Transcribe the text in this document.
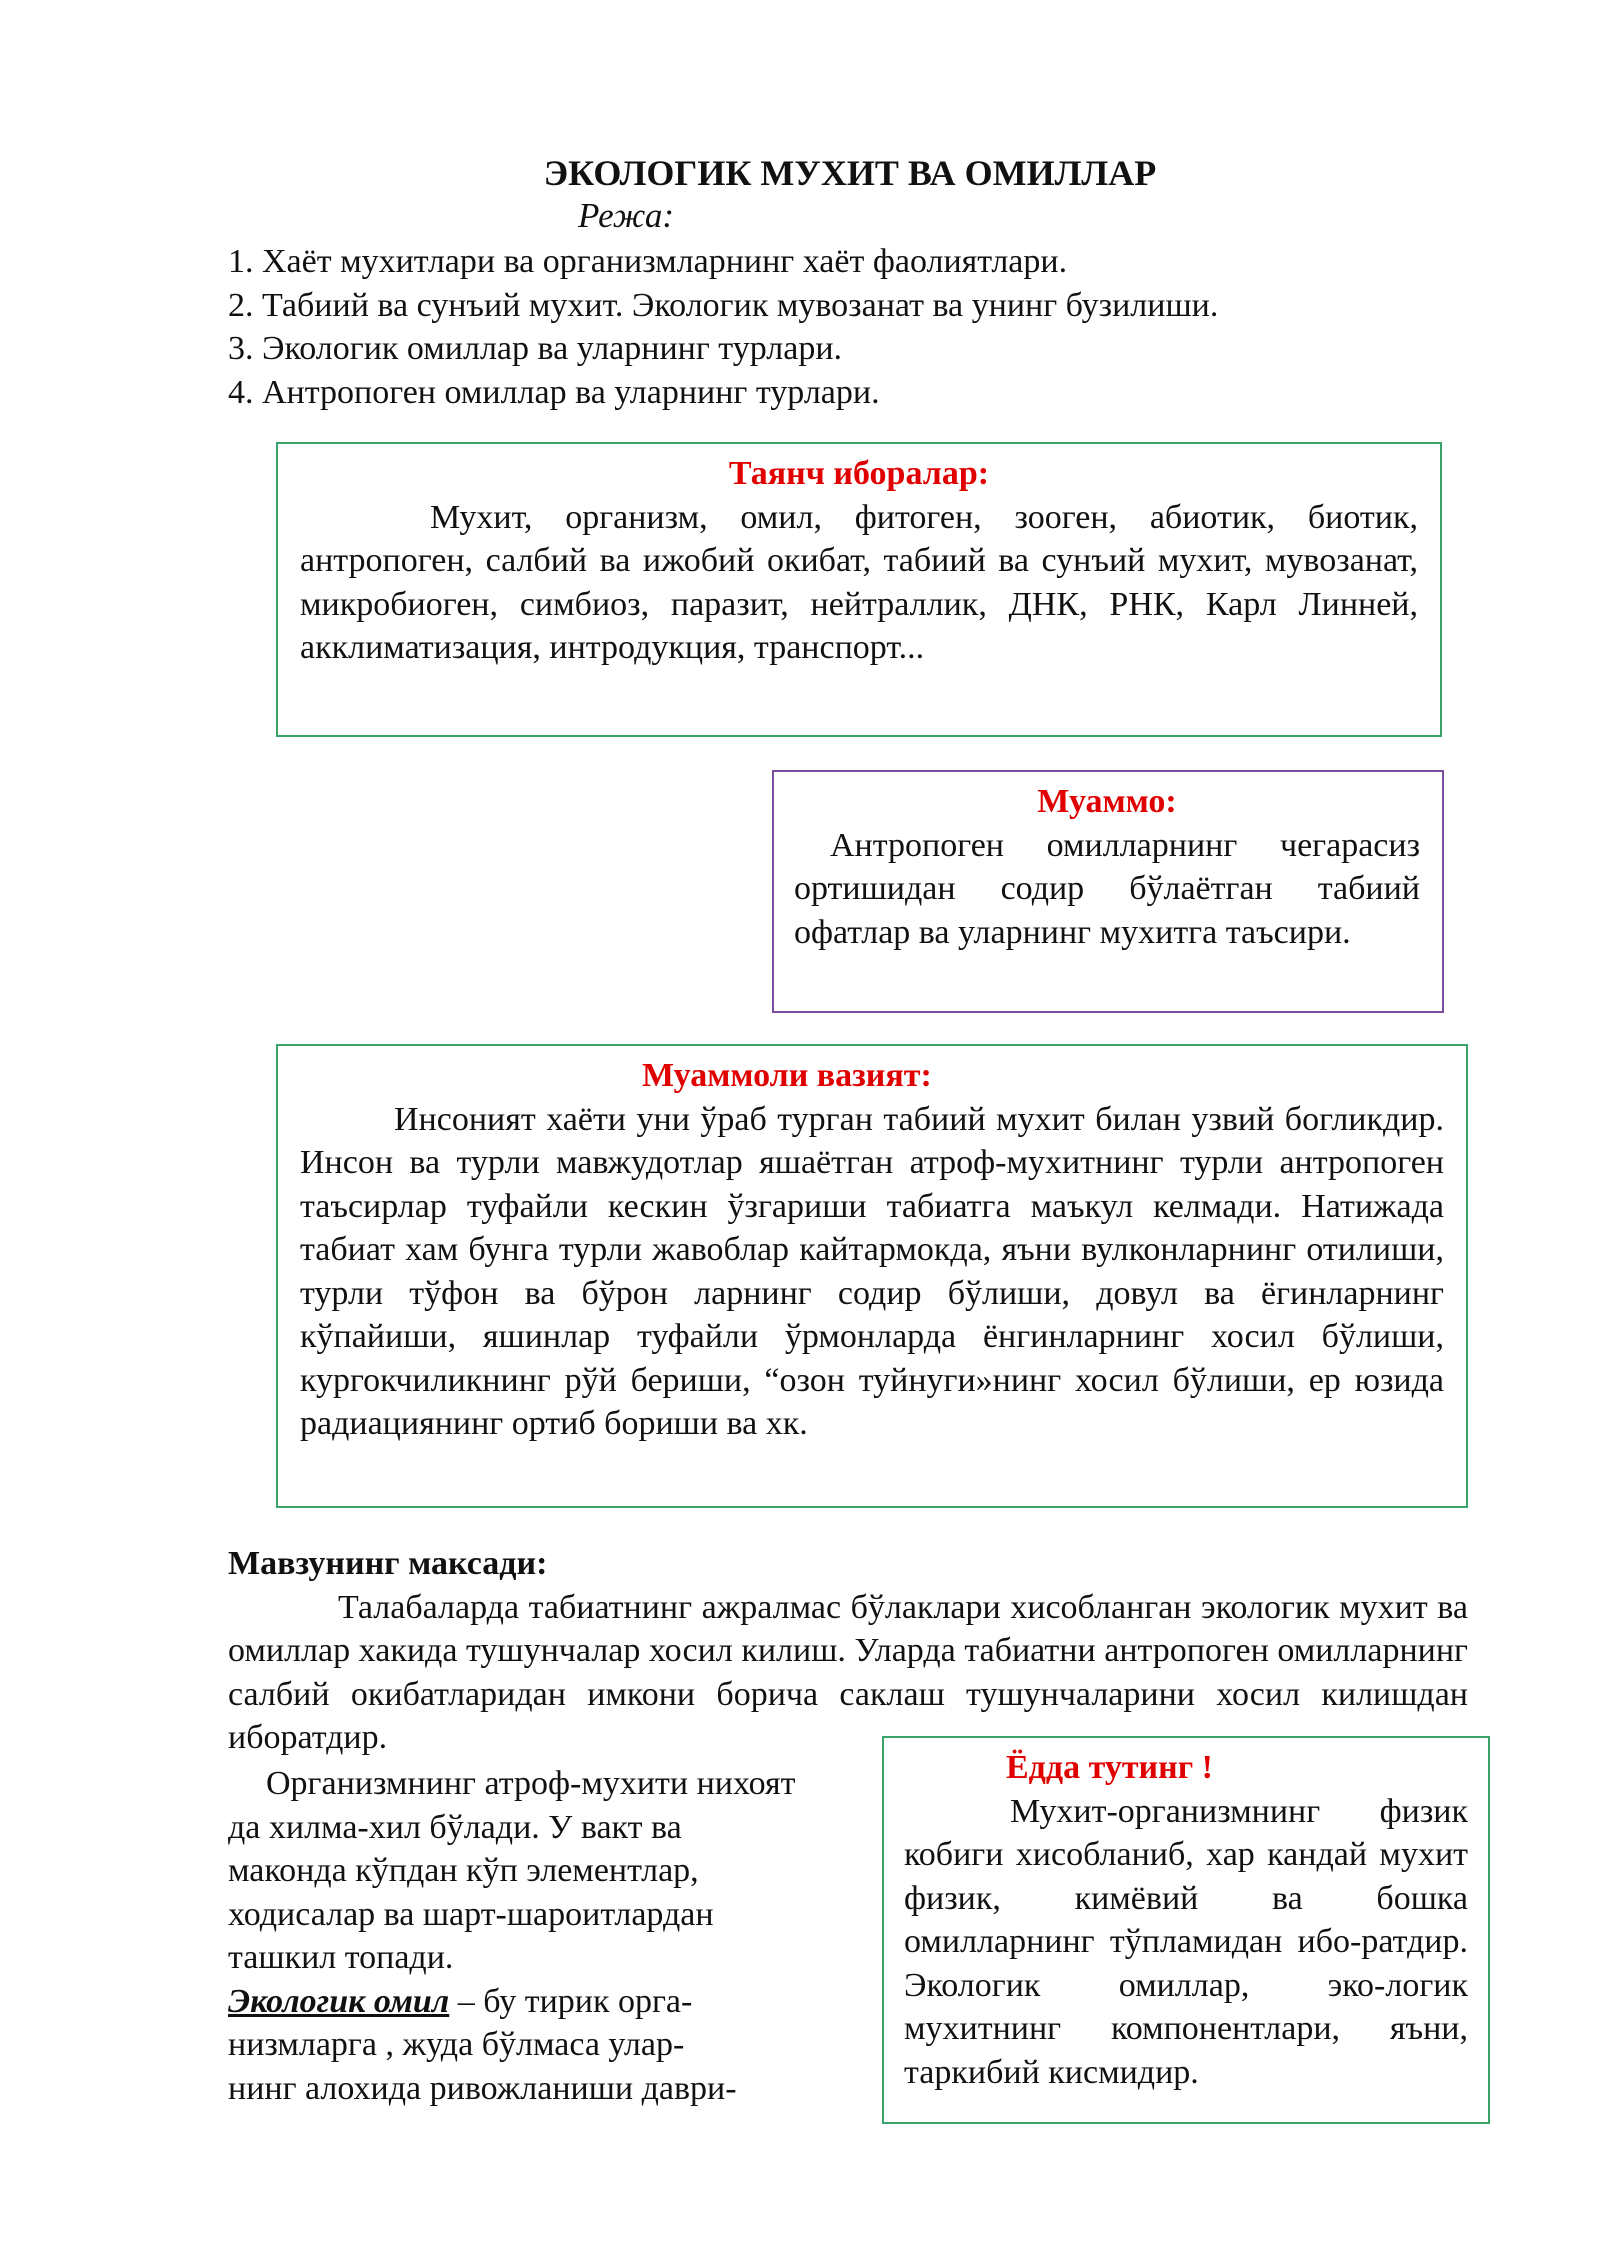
ЭКОЛОГИК МУХИТ ВА ОМИЛЛАР
Режа:
1. Хаёт мухитлари ва организмларнинг хаёт фаолиятлари.
2. Табиий ва сунъий мухит. Экологик мувозанат ва унинг бузилиши.
3. Экологик омиллар ва уларнинг турлари.
4. Антропоген омиллар ва уларнинг турлари.
Таянч иборалар:
Мухит, организм, омил, фитоген, зооген, абиотик, биотик, антропоген, салбий ва ижобий окибат, табиий ва сунъий мухит, мувозанат, микробиоген, симбиоз, паразит, нейтраллик, ДНК, РНК, Карл Линней, акклиматизация, интродукция, транспорт...
Муаммо:
Антропоген омилларнинг чегарасиз ортишидан содир бўлаётган табиий офатлар ва уларнинг мухитга таъсири.
Муаммоли вазият:
Инсоният хаёти уни ўраб турган табиий мухит билан узвий богликдир. Инсон ва турли мавжудотлар яшаётган атроф-мухитнинг турли антропоген таъсирлар туфайли кескин ўзгариши табиатга маъкул келмади. Натижада табиат хам бунга турли жавоблар кайтармокда, яъни вулконларнинг отилиши, турли тўфон ва бўрон ларнинг содир бўлиши, довул ва ёгинларнинг кўпайиши, яшинлар туфайли ўрмонларда ёнгинларнинг хосил бўлиши, кургокчиликнинг рўй бериши, “озон туйнуги»нинг хосил бўлиши, ер юзида радиациянинг ортиб бориши ва хк.
Мавзунинг максади:
Талабаларда табиатнинг ажралмас бўлаклари хисобланган экологик мухит ва омиллар хакида тушунчалар хосил килиш. Уларда табиатни антропоген омилларнинг салбий окибатларидан имкони борича саклаш тушунчаларини хосил килишдан иборатдир.
Организмнинг атроф-мухити нихоят
да хилма-хил бўлади. У вакт ва
маконда кўпдан кўп элементлар,
ходисалар ва шарт-шароитлардан
ташкил топади.
Экологик омил – бу тирик орга-
низмларга , жуда бўлмаса улар-
нинг алохида ривожланиши даври-
Ёдда тутинг !
Мухит-организмнинг физик кобиги хисобланиб, хар кандай мухит физик, кимёвий ва бошка омилларнинг тўпламидан ибо-ратдир. Экологик омиллар, эко-логик мухитнинг компонентлари, яъни, таркибий кисмидир.
